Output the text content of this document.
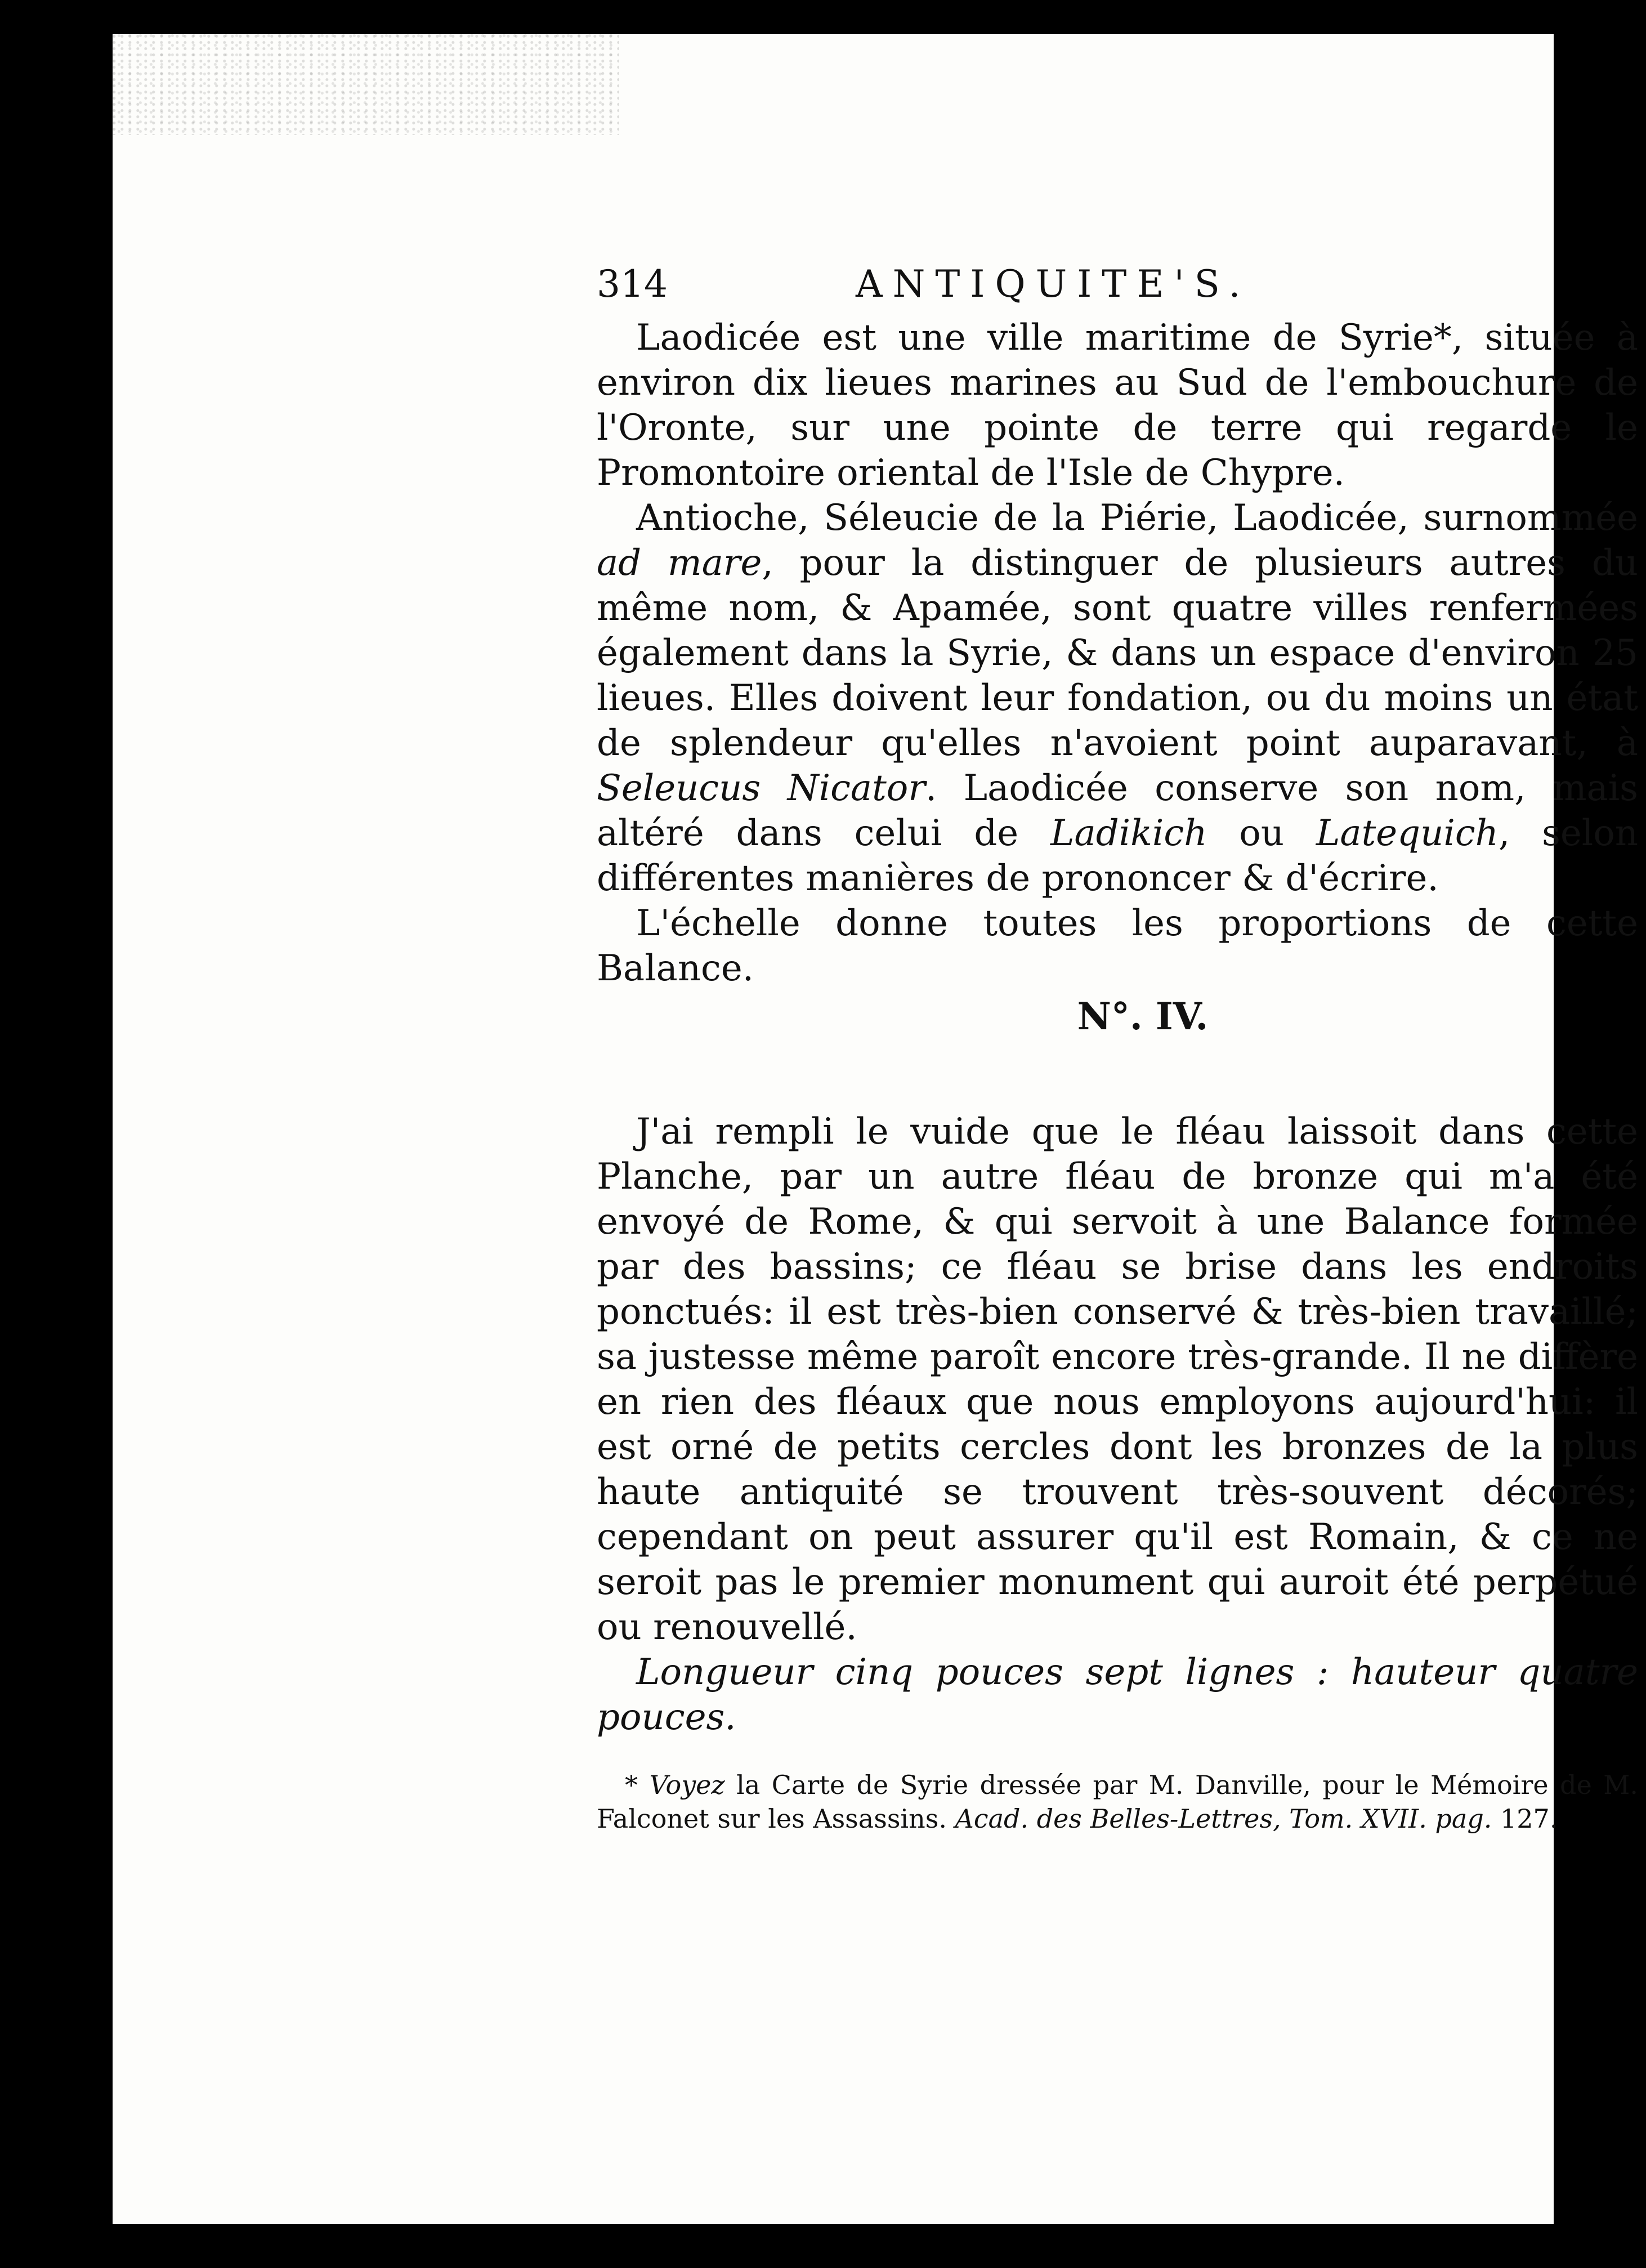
314	ANTIQUITE'S.

Laodicée est une ville maritime de Syrie*, située à environ dix lieues marines au Sud de l'embouchure de l'Oronte, sur une pointe de terre qui regarde le Promontoire oriental de l'Isle de Chypre.

Antioche, Séleucie de la Piérie, Laodicée, surnommée ad mare, pour la distinguer de plusieurs autres du même nom, & Apamée, sont quatre villes renfermées également dans la Syrie, & dans un espace d'environ 25 lieues. Elles doivent leur fondation, ou du moins un état de splendeur qu'elles n'avoient point auparavant, à Seleucus Nicator. Laodicée conserve son nom, mais altéré dans celui de Ladikich ou Latequich, selon différentes manières de prononcer & d'écrire.

L'échelle donne toutes les proportions de cette Balance.

N°. IV.

J'ai rempli le vuide que le fléau laissoit dans cette Planche, par un autre fléau de bronze qui m'a été envoyé de Rome, & qui servoit à une Balance formée par des bassins; ce fléau se brise dans les endroits ponctués: il est très-bien conservé & très-bien travaillé; sa justesse même paroît encore très-grande. Il ne diffère en rien des fléaux que nous employons aujourd'hui: il est orné de petits cercles dont les bronzes de la plus haute antiquité se trouvent très-souvent décorés; cependant on peut assurer qu'il est Romain, & ce ne seroit pas le premier monument qui auroit été perpétué ou renouvellé.

Longueur cinq pouces sept lignes : hauteur quatre pouces.

* Voyez la Carte de Syrie dressée par M. Danville, pour le Mémoire de M. Falconet sur les Assassins. Acad. des Belles-Lettres, Tom. XVII. pag. 127.
